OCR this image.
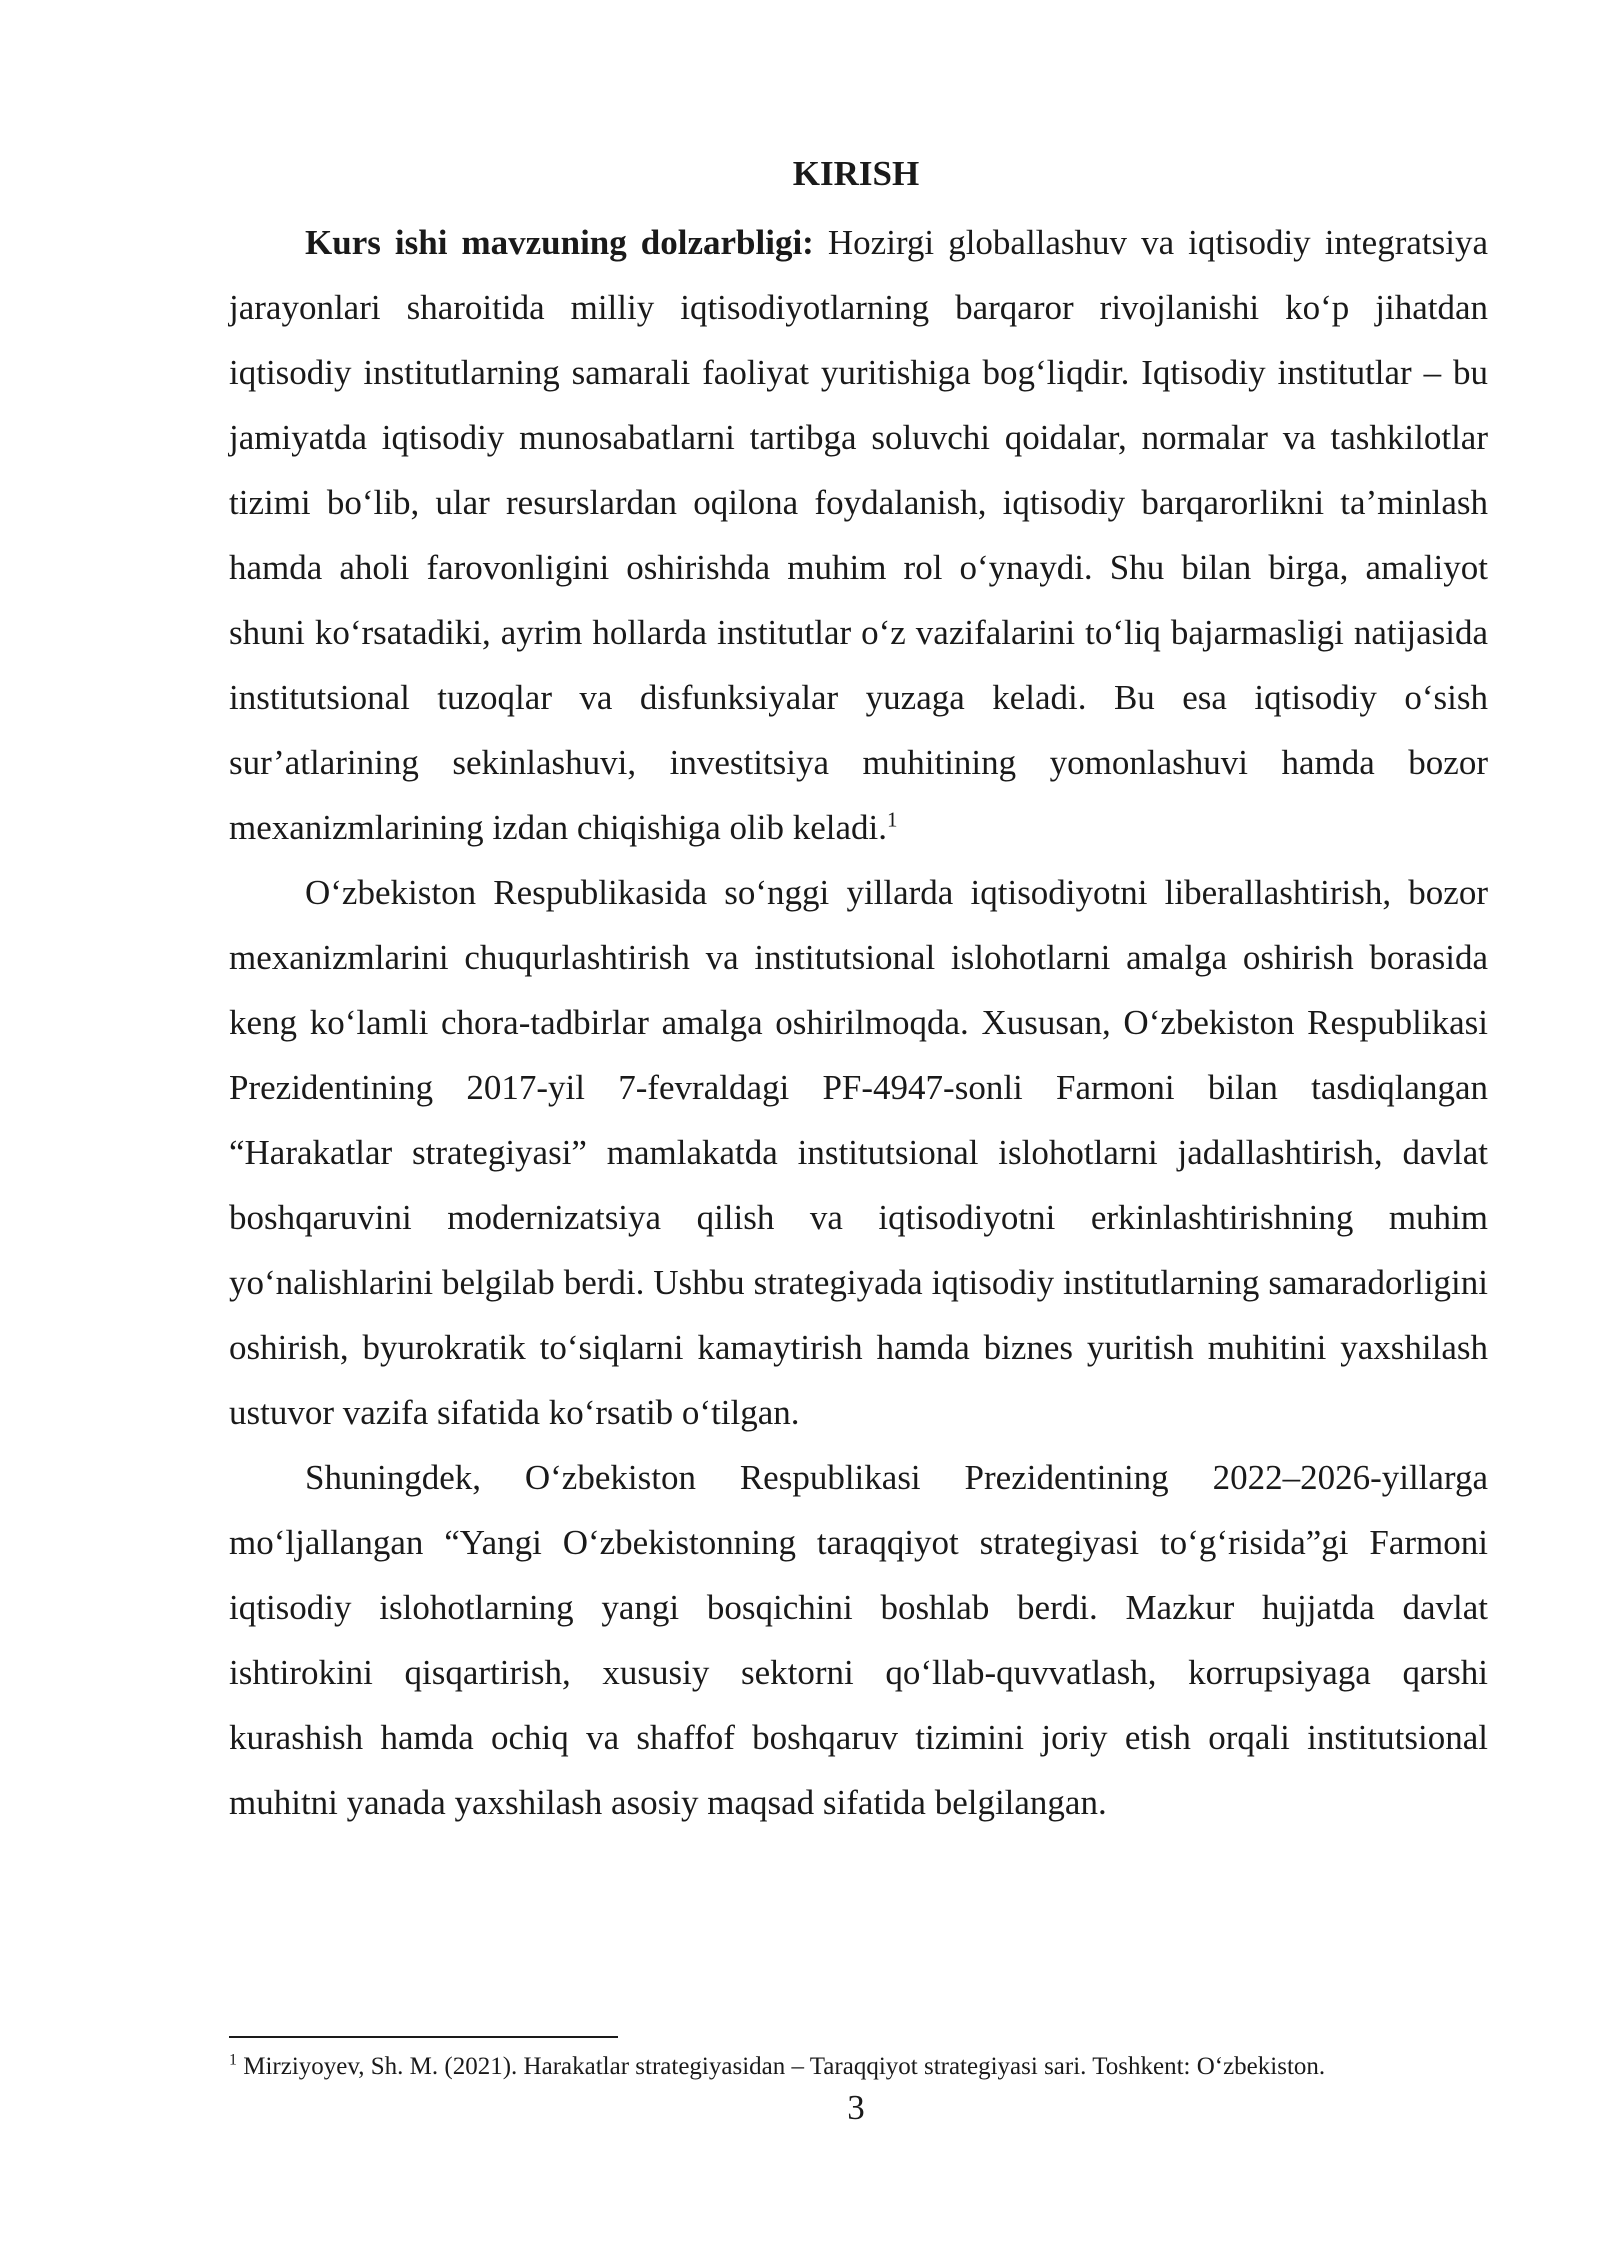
KIRISH

Kurs ishi mavzuning dolzarbligi: Hozirgi globallashuv va iqtisodiy integratsiya jarayonlari sharoitida milliy iqtisodiyotlarning barqaror rivojlanishi ko‘p jihatdan iqtisodiy institutlarning samarali faoliyat yuritishiga bog‘liqdir. Iqtisodiy institutlar – bu jamiyatda iqtisodiy munosabatlarni tartibga soluvchi qoidalar, normalar va tashkilotlar tizimi bo‘lib, ular resurslardan oqilona foydalanish, iqtisodiy barqarorlikni ta’minlash hamda aholi farovonligini oshirishda muhim rol o‘ynaydi. Shu bilan birga, amaliyot shuni ko‘rsatadiki, ayrim hollarda institutlar o‘z vazifalarini to‘liq bajarmasligi natijasida institutsional tuzoqlar va disfunksiyalar yuzaga keladi. Bu esa iqtisodiy o‘sish sur’atlarining sekinlashuvi, investitsiya muhitining yomonlashuvi hamda bozor mexanizmlarining izdan chiqishiga olib keladi.$^1$

O‘zbekiston Respublikasida so‘nggi yillarda iqtisodiyotni liberallashtirish, bozor mexanizmlarini chuqurlashtirish va institutsional islohotlarni amalga oshirish borasida keng ko‘lamli chora-tadbirlar amalga oshirilmoqda. Xususan, O‘zbekiston Respublikasi Prezidentining 2017-yil 7-fevraldagi PF-4947-sonli Farmoni bilan tasdiqlangan “Harakatlar strategiyasi” mamlakatda institutsional islohotlarni jadallashtirish, davlat boshqaruvini modernizatsiya qilish va iqtisodiyotni erkinlashtirishning muhim yo‘nalishlarini belgilab berdi. Ushbu strategiyada iqtisodiy institutlarning samaradorligini oshirish, byurokratik to‘siqlarni kamaytirish hamda biznes yuritish muhitini yaxshilash ustuvor vazifa sifatida ko‘rsatib o‘tilgan.

Shuningdek, O‘zbekiston Respublikasi Prezidentining 2022–2026-yillarga mo‘ljallangan “Yangi O‘zbekistonning taraqqiyot strategiyasi to‘g‘risida”gi Farmoni iqtisodiy islohotlarning yangi bosqichini boshlab berdi. Mazkur hujjatda davlat ishtirokini qisqartirish, xususiy sektorni qo‘llab-quvvatlash, korrupsiyaga qarshi kurashish hamda ochiq va shaffof boshqaruv tizimini joriy etish orqali institutsional muhitni yanada yaxshilash asosiy maqsad sifatida belgilangan.

$^1$ Mirziyoyev, Sh. M. (2021). Harakatlar strategiyasidan – Taraqqiyot strategiyasi sari. Toshkent: O‘zbekiston.

3
